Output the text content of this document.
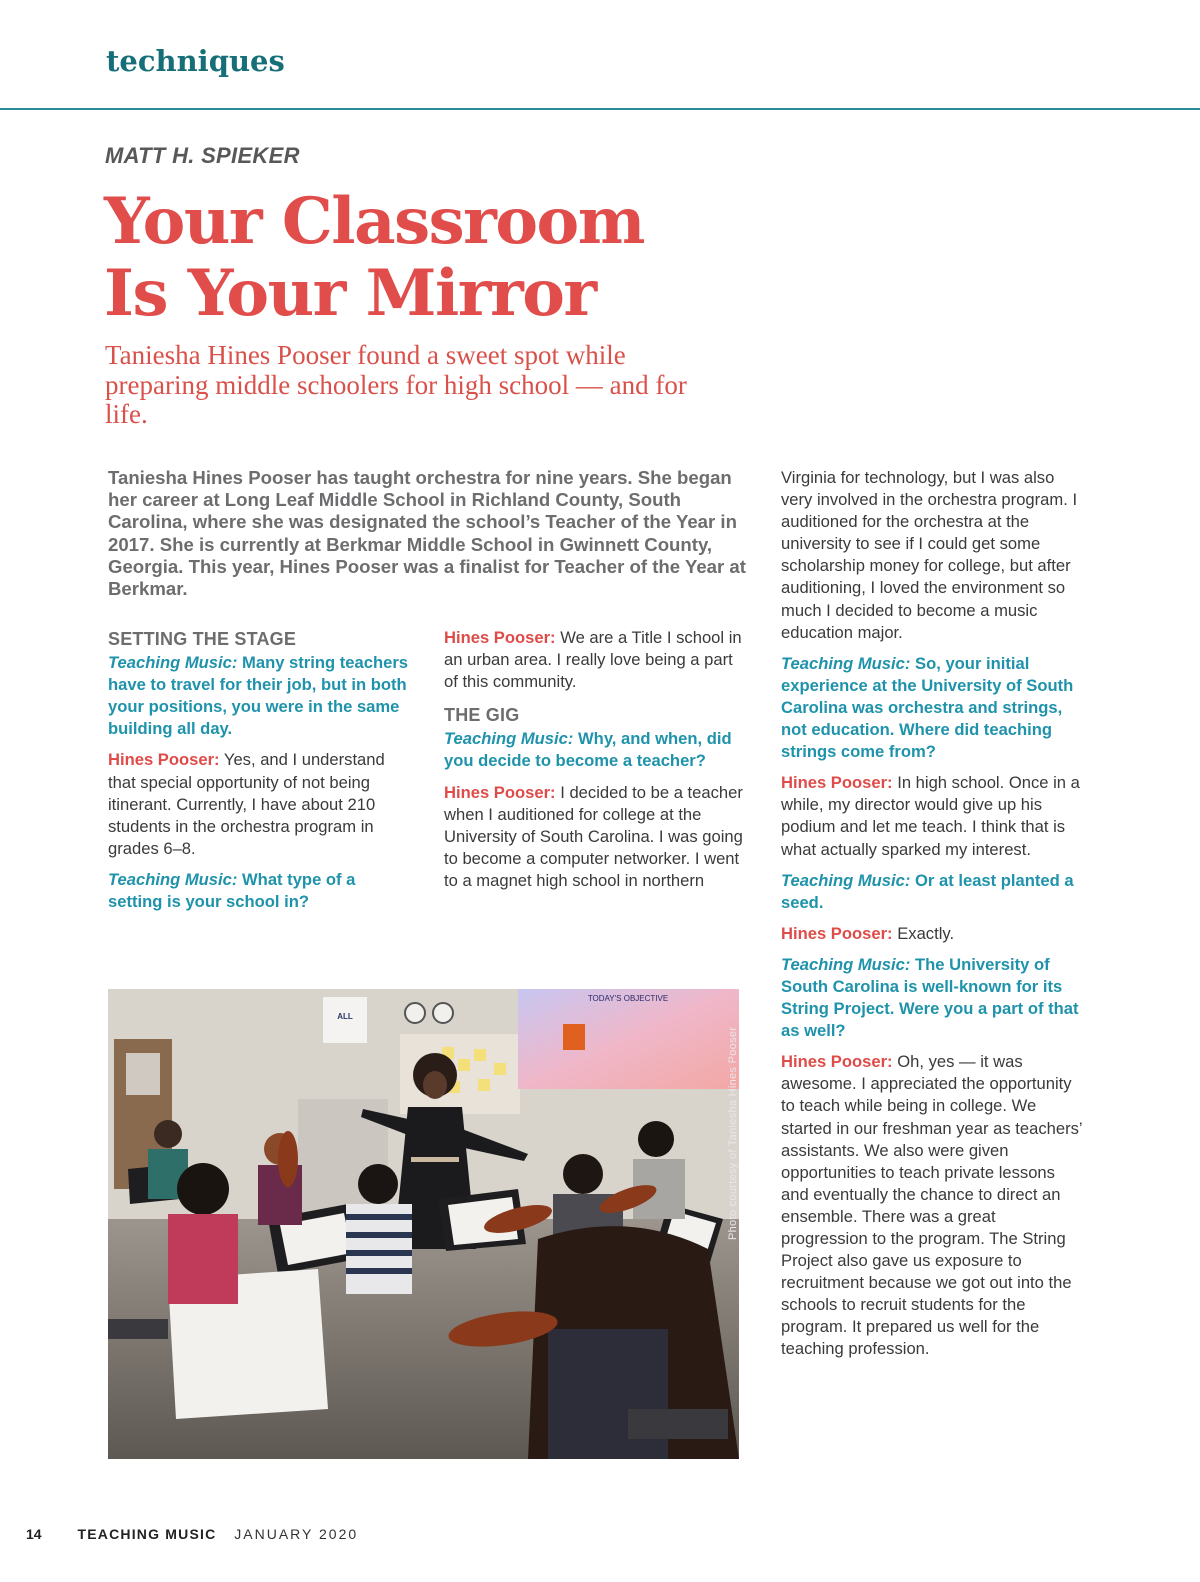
techniques
MATT H. SPIEKER
Your Classroom
Is Your Mirror
Taniesha Hines Pooser found a sweet spot while preparing middle schoolers for high school — and for life.
Taniesha Hines Pooser has taught orchestra for nine years. She began her career at Long Leaf Middle School in Richland County, South Carolina, where she was designated the school’s Teacher of the Year in 2017. She is currently at Berkmar Middle School in Gwinnett County, Georgia. This year, Hines Pooser was a finalist for Teacher of the Year at Berkmar.
SETTING THE STAGE

Teaching Music: Many string teachers have to travel for their job, but in both your positions, you were in the same building all day.

Hines Pooser: Yes, and I understand that special opportunity of not being itinerant. Currently, I have about 210 students in the orchestra program in grades 6–8.

Teaching Music: What type of a setting is your school in?

Hines Pooser: We are a Title I school in an urban area. I really love being a part of this community.

THE GIG

Teaching Music: Why, and when, did you decide to become a teacher?

Hines Pooser: I decided to be a teacher when I auditioned for college at the University of South Carolina. I was going to become a computer networker. I went to a magnet high school in northern

Virginia for technology, but I was also very involved in the orchestra program. I auditioned for the orchestra at the university to see if I could get some scholarship money for college, but after auditioning, I loved the environment so much I decided to become a music education major.

Teaching Music: So, your initial experience at the University of South Carolina was orchestra and strings, not education. Where did teaching strings come from?

Hines Pooser: In high school. Once in a while, my director would give up his podium and let me teach. I think that is what actually sparked my interest.

Teaching Music: Or at least planted a seed.

Hines Pooser: Exactly.

Teaching Music: The University of South Carolina is well-known for its String Project. Were you a part of that as well?

Hines Pooser: Oh, yes — it was awesome. I appreciated the opportunity to teach while being in college. We started in our freshman year as teachers’ assistants. We also were given opportunities to teach private lessons and eventually the chance to direct an ensemble. There was a great progression to the program. The String Project also gave us exposure to recruitment because we got out into the schools to recruit students for the program. It prepared us well for the teaching profession.

ALL
TODAY'S OBJECTIVE
Photo courtesy of Taniesha Hines Pooser
14	TEACHING MUSIC JANUARY 2020
